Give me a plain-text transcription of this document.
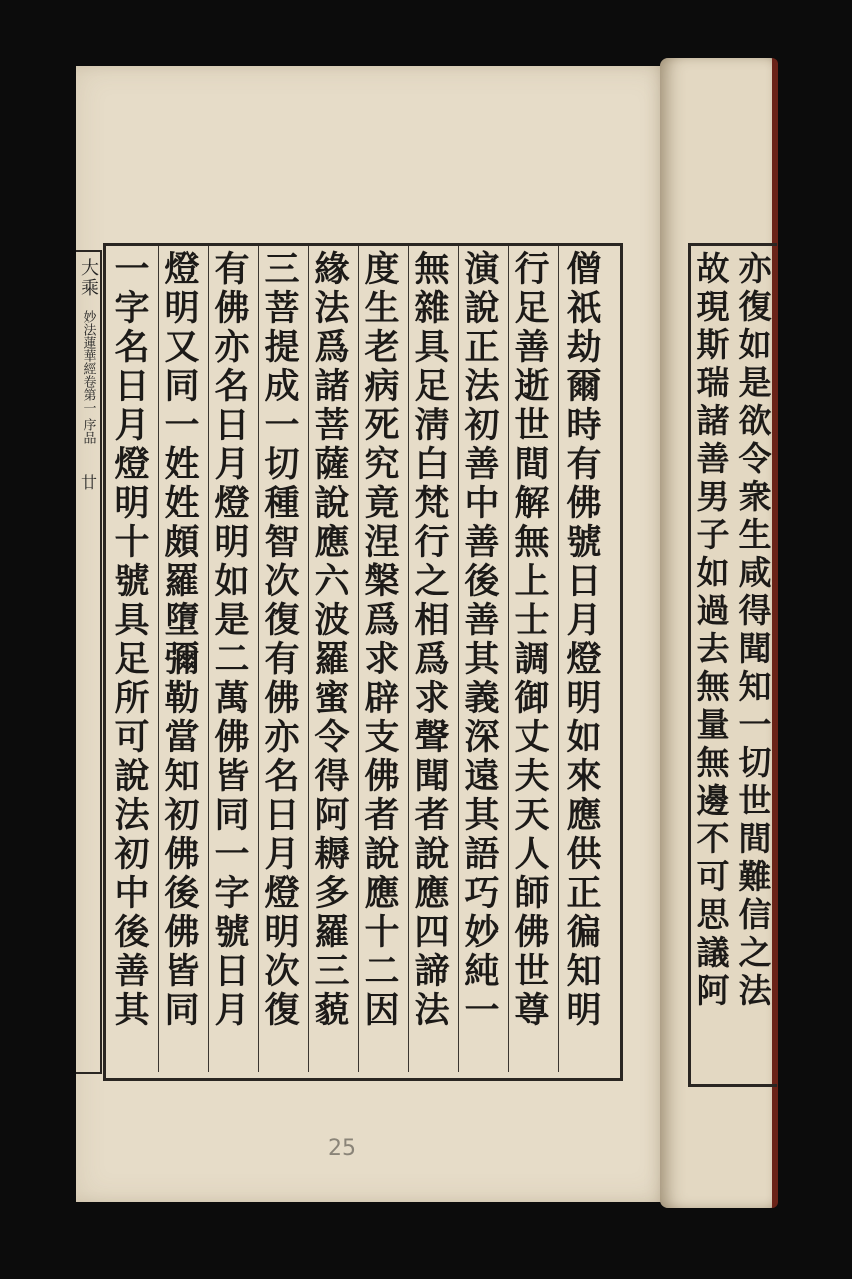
大乘
妙法蓮華經卷第一 序品
廿
僧
祇
劫
爾
時
有
佛
號
日
月
燈
明
如
來
應
供
正
徧
知
明
行
足
善
逝
世
間
解
無
上
士
調
御
丈
夫
天
人
師
佛
世
尊
演
說
正
法
初
善
中
善
後
善
其
義
深
遠
其
語
巧
妙
純
一
無
雜
具
足
淸
白
梵
行
之
相
爲
求
聲
聞
者
說
應
四
諦
法
度
生
老
病
死
究
竟
涅
槃
爲
求
辟
支
佛
者
說
應
十
二
因
緣
法
爲
諸
菩
薩
說
應
六
波
羅
蜜
令
得
阿
耨
多
羅
三
藐
三
菩
提
成
一
切
種
智
次
復
有
佛
亦
名
日
月
燈
明
次
復
有
佛
亦
名
日
月
燈
明
如
是
二
萬
佛
皆
同
一
字
號
日
月
燈
明
又
同
一
姓
姓
頗
羅
墮
彌
勒
當
知
初
佛
後
佛
皆
同
一
字
名
日
月
燈
明
十
號
具
足
所
可
說
法
初
中
後
善
其
亦
復
如
是
欲
令
衆
生
咸
得
聞
知
一
切
世
間
難
信
之
法
故
現
斯
瑞
諸
善
男
子
如
過
去
無
量
無
邊
不
可
思
議
阿
25
